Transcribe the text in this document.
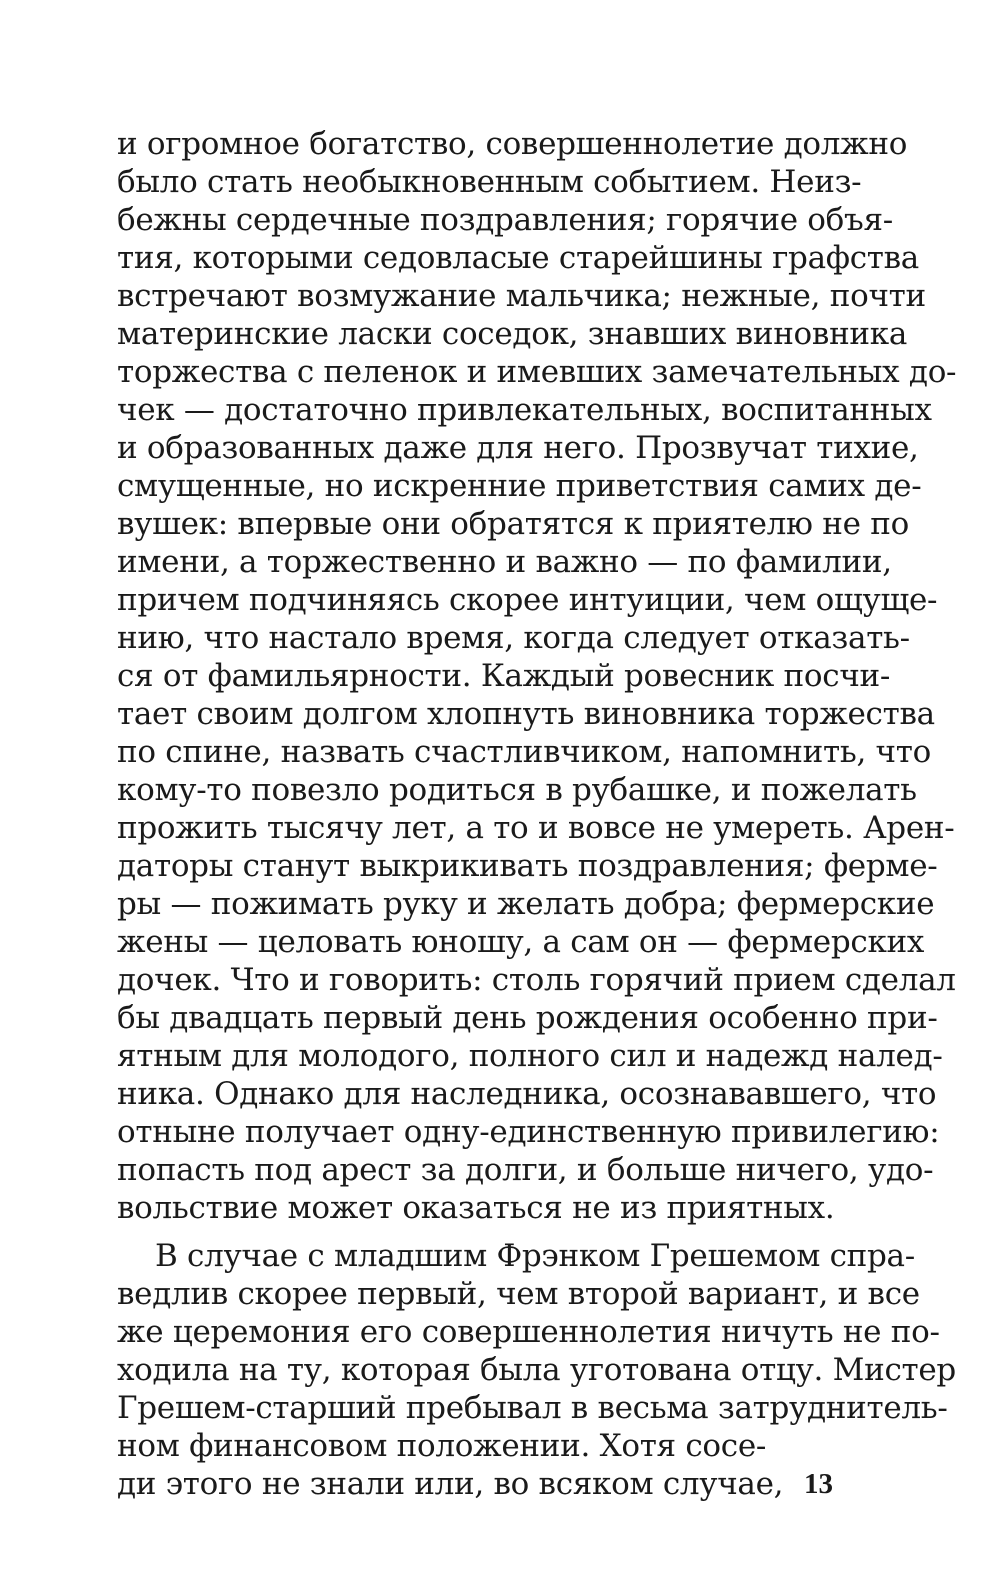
и огромное богатство, совершеннолетие должно
было стать необыкновенным событием. Неиз-
бежны сердечные поздравления; горячие объя-
тия, которыми седовласые старейшины графства
встречают возмужание мальчика; нежные, почти
материнские ласки соседок, знавших виновника
торжества с пеленок и имевших замечательных до-
чек — достаточно привлекательных, воспитанных
и образованных даже для него. Прозвучат тихие,
смущенные, но искренние приветствия самих де-
вушек: впервые они обратятся к приятелю не по
имени, а торжественно и важно — по фамилии,
причем подчиняясь скорее интуиции, чем ощуще-
нию, что настало время, когда следует отказать-
ся от фамильярности. Каждый ровесник посчи-
тает своим долгом хлопнуть виновника торжества
по спине, назвать счастливчиком, напомнить, что
кому-то повезло родиться в рубашке, и пожелать
прожить тысячу лет, а то и вовсе не умереть. Арен-
даторы станут выкрикивать поздравления; ферме-
ры — пожимать руку и желать добра; фермерские
жены — целовать юношу, а сам он — фермерских
дочек. Что и говорить: столь горячий прием сделал
бы двадцать первый день рождения особенно при-
ятным для молодого, полного сил и надежд налед-
ника. Однако для наследника, осознававшего, что
отныне получает одну-единственную привилегию:
попасть под арест за долги, и больше ничего, удо-
вольствие может оказаться не из приятных.
В случае с младшим Фрэнком Грешемом спра-
ведлив скорее первый, чем второй вариант, и все
же церемония его совершеннолетия ничуть не по-
ходила на ту, которая была уготована отцу. Мистер
Грешем-старший пребывал в весьма затруднитель-
ном финансовом положении. Хотя сосе-
ди этого не знали или, во всяком случае, 13
